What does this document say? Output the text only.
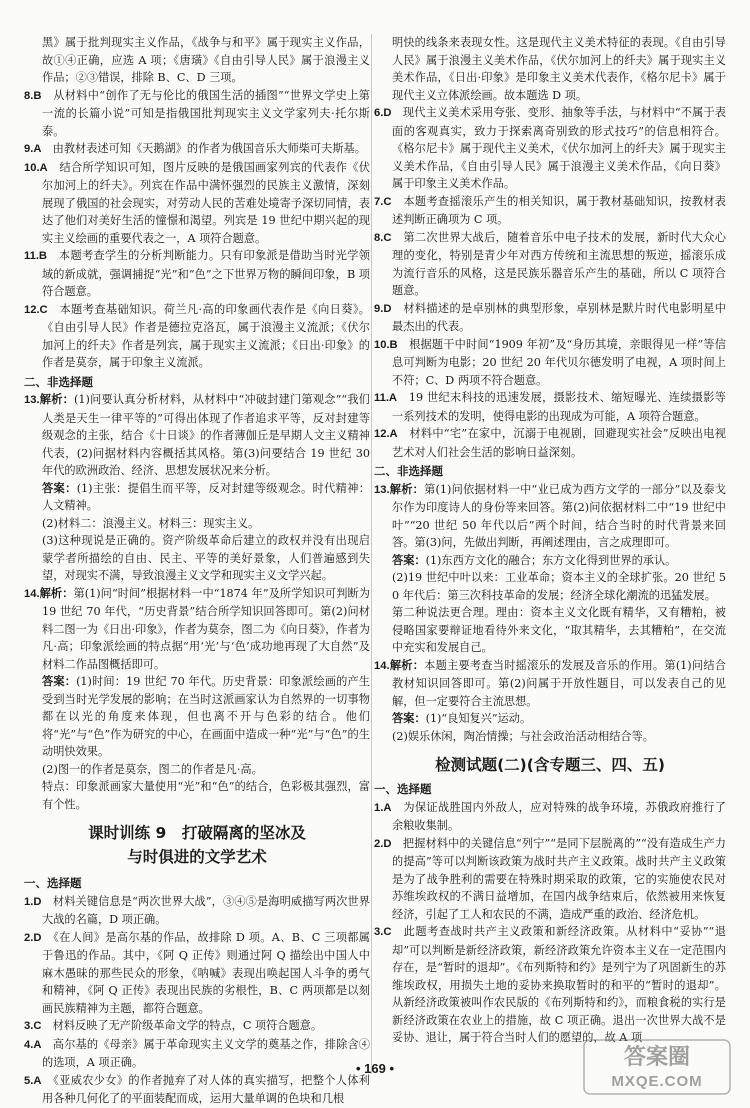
黑》属于批判现实主义作品，《战争与和平》属于现实主义作品，故①④正确，应选 A 项；《唐璜》《自由引导人民》属于浪漫主义作品；②③错误，排除 B、C、D 三项。

8.B　 从材料中“创作了无与伦比的俄国生活的插图”“世界文学史上第一流的长篇小说”可知是指俄国批判现实主义文学家列夫·托尔斯泰。

9.A　 由教材表述可知《天鹅湖》的作者为俄国音乐大师柴可夫斯基。

10.A　 结合所学知识可知，图片反映的是俄国画家列宾的代表作《伏尔加河上的纤夫》。列宾在作品中满怀强烈的民族主义激情，深刻展现了俄国的社会现实，对劳动人民的苦难处境寄予深切同情，表达了他们对美好生活的憧憬和渴望。列宾是 19 世纪中期兴起的现实主义绘画的重要代表之一，A 项符合题意。

11.B　 本题考查学生的分析判断能力。只有印象派是借助当时光学领域的新成就，强调捕捉“光”和“色”之下世界万物的瞬间印象，B 项符合题意。

12.C　 本题考查基础知识。荷兰凡·高的印象画代表作是《向日葵》。《自由引导人民》作者是德拉克洛瓦，属于浪漫主义流派；《伏尔加河上的纤夫》作者是列宾，属于现实主义流派；《日出·印象》的作者是莫奈，属于印象主义流派。

二、非选择题

13.解析：(1)问要认真分析材料，从材料中“冲破封建门第观念”“我们人类是天生一律平等的”可得出体现了作者追求平等，反对封建等级观念的主张，结合《十日谈》的作者薄伽丘是早期人文主义精神代表，(2)问据材料内容概括其风格。第(3)问要结合 19 世纪 30 年代的欧洲政治、经济、思想发展状况来分析。

答案：(1)主张：提倡生而平等，反对封建等级观念。时代精神：人文精神。

(2)材料二：浪漫主义。材料三：现实主义。

(3)这种现说是正确的。资产阶级革命后建立的政权并没有出现启蒙学者所描绘的自由、民主、平等的美好景象，人们普遍感到失望，对现实不满，导致浪漫主义文学和现实主义文学兴起。

14.解析：第(1)问“时间”根据材料一中“1874 年”及所学知识可判断为 19 世纪 70 年代，“历史背景”结合所学知识回答即可。第(2)问材料二图一为《日出·印象》，作者为莫奈，图二为《向日葵》，作者为凡·高；印象派绘画的特点据“用‘光’与‘色’成功地再现了大自然”及材料二作品图概括即可。

答案：(1)时间：19 世纪 70 年代。历史背景：印象派绘画的产生受到当时光学发展的影响；在当时这派画家认为自然界的一切事物都在以光的角度来体现，但也离不开与色彩的结合。他们将“光”与“色”作为研究的中心，在画面中造成一种“光”与“色”的生动明快效果。

(2)图一的作者是莫奈，图二的作者是凡·高。

特点：印象派画家大量使用“光”和“色”的结合，色彩极其强烈，富有个性。

课时训练 9　打破隔离的坚冰及
与时俱进的文学艺术

一、选择题

1.D　 材料关键信息是“两次世界大战”，③④⑤是海明威描写两次世界大战的名篇，D 项正确。

2.D　 《在人间》是高尔基的作品，故排除 D 项。A、B、C 三项都属于鲁迅的作品。其中，《阿 Q 正传》则通过阿 Q 描绘出中国人中麻木愚昧的那些民众的形象，《呐喊》表现出唤起国人斗争的勇气和精神，《阿 Q 正传》表现出民族的劣根性，B、C 两项都是以刻画民族精神为主题，都符合题意。

3.C　 材料反映了无产阶级革命文学的特点，C 项符合题意。

4.A　 高尔基的《母亲》属于革命现实主义文学的奠基之作，排除含④的选项，A 项正确。

5.A　 《亚威农少女》的作者抛弃了对人体的真实描写，把整个人体利用各种几何化了的平面装配而成，运用大量单调的色块和几根

明快的线条来表现女性。这是现代主义美术特征的表现。《自由引导人民》属于浪漫主义美术作品，《伏尔加河上的纤夫》属于现实主义美术作品，《日出·印象》是印象主义美术代表作，《格尔尼卡》属于现代主义立体派绘画。故本题选 D 项。

6.D　 现代主义美术采用夸张、变形、抽象等手法，与材料中“不属于表面的客观真实，致力于探索离奇别致的形式技巧”的信息相符合。《格尔尼卡》属于现代主义美术，《伏尔加河上的纤夫》属于现实主义美术作品，《自由引导人民》属于浪漫主义美术作品，《向日葵》属于印象主义美术作品。

7.C　 本题考查摇滚乐产生的相关知识，属于教材基础知识，按教材表述判断正确项为 C 项。

8.C　 第二次世界大战后，随着音乐中电子技术的发展，新时代大众心理的变化，特别是青少年对西方传统和主流思想的叛逆，摇滚乐成为流行音乐的风格，这是民族乐器音乐产生的基础，所以 C 项符合题意。

9.D　 材料描述的是卓别林的典型形象，卓别林是默片时代电影明星中最杰出的代表。

10.B　 根据题干中时间“1909 年初”及“身历其境，亲眼得见一样”等信息可判断为电影；20 世纪 20 年代贝尔德发明了电视，A 项时间上不符；C、D 两项不符合题意。

11.A　 19 世纪末科技的迅速发展，摄影技术、缩短曝光、连续摄影等一系列技术的发明，使得电影的出现成为可能，A 项符合题意。

12.A　 材料中“宅”在家中，沉溺于电视剧，回避现实社会”反映出电视艺术对人们社会生活的影响日益深刻。

二、非选择题

13.解析：第(1)问依据材料一中“业已成为西方文学的一部分”以及泰戈尔作为印度诗人的身份等来回答。第(2)问依据材料二中“19 世纪中叶”“20 世纪 50 年代以后”两个时间，结合当时的时代背景来回答。第(3)问，先做出判断，再阐述理由，言之成理即可。

答案：(1)东西方文化的融合；东方文化得到世界的承认。

(2)19 世纪中叶以来：工业革命；资本主义的全球扩张。20 世纪 50 年代后：第三次科技革命的发展；经济全球化潮流的迅猛发展。

第二种说法更合理。理由：资本主义文化既有精华，又有糟粕，被侵略国家要辩证地看待外来文化，“取其精华，去其糟粕”，在交流中充实和发展自己。

14.解析：本题主要考查当时摇滚乐的发展及音乐的作用。第(1)问结合教材知识回答即可。第(2)问属于开放性题目，可以发表自己的见解，但一定要符合主流思想。

答案：(1)“良知复兴”运动。

(2)娱乐休闲，陶冶情操；与社会政治活动相结合等。

检测试题(二)(含专题三、四、五)

一、选择题

1.A　 为保证战胜国内外敌人，应对特殊的战争环境，苏俄政府推行了余粮收集制。

2.D　 把握材料中的关键信息“列宁”“是同下层脱离的”“没有造成生产力的提高”等可以判断该政策为战时共产主义政策。战时共产主义政策是为了战争胜利的需要在特殊时期采取的政策，它的实施使农民对苏维埃政权的不满日益增加，在国内战争结束后，依然被用来恢复经济，引起了工人和农民的不满，造成严重的政治、经济危机。

3.C　 此题考查战时共产主义政策和新经济政策。从材料中“妥协”“退却”可以判断是新经济政策，新经济政策允许资本主义在一定范围内存在，是“暂时的退却”。《布列斯特和约》是列宁为了巩固新生的苏维埃政权，用损失土地的妥协来换取暂时的和平的“暂时的退却”。从新经济政策被叫作农民版的《布列斯特和约》，而粮食税的实行是新经济政策在农业上的措施，故 C 项正确。退出一次世界大战不是妥协、退让，属于符合当时人们的愿望的，故 A 项

• 169 •	答案圈
MXQE.COM
